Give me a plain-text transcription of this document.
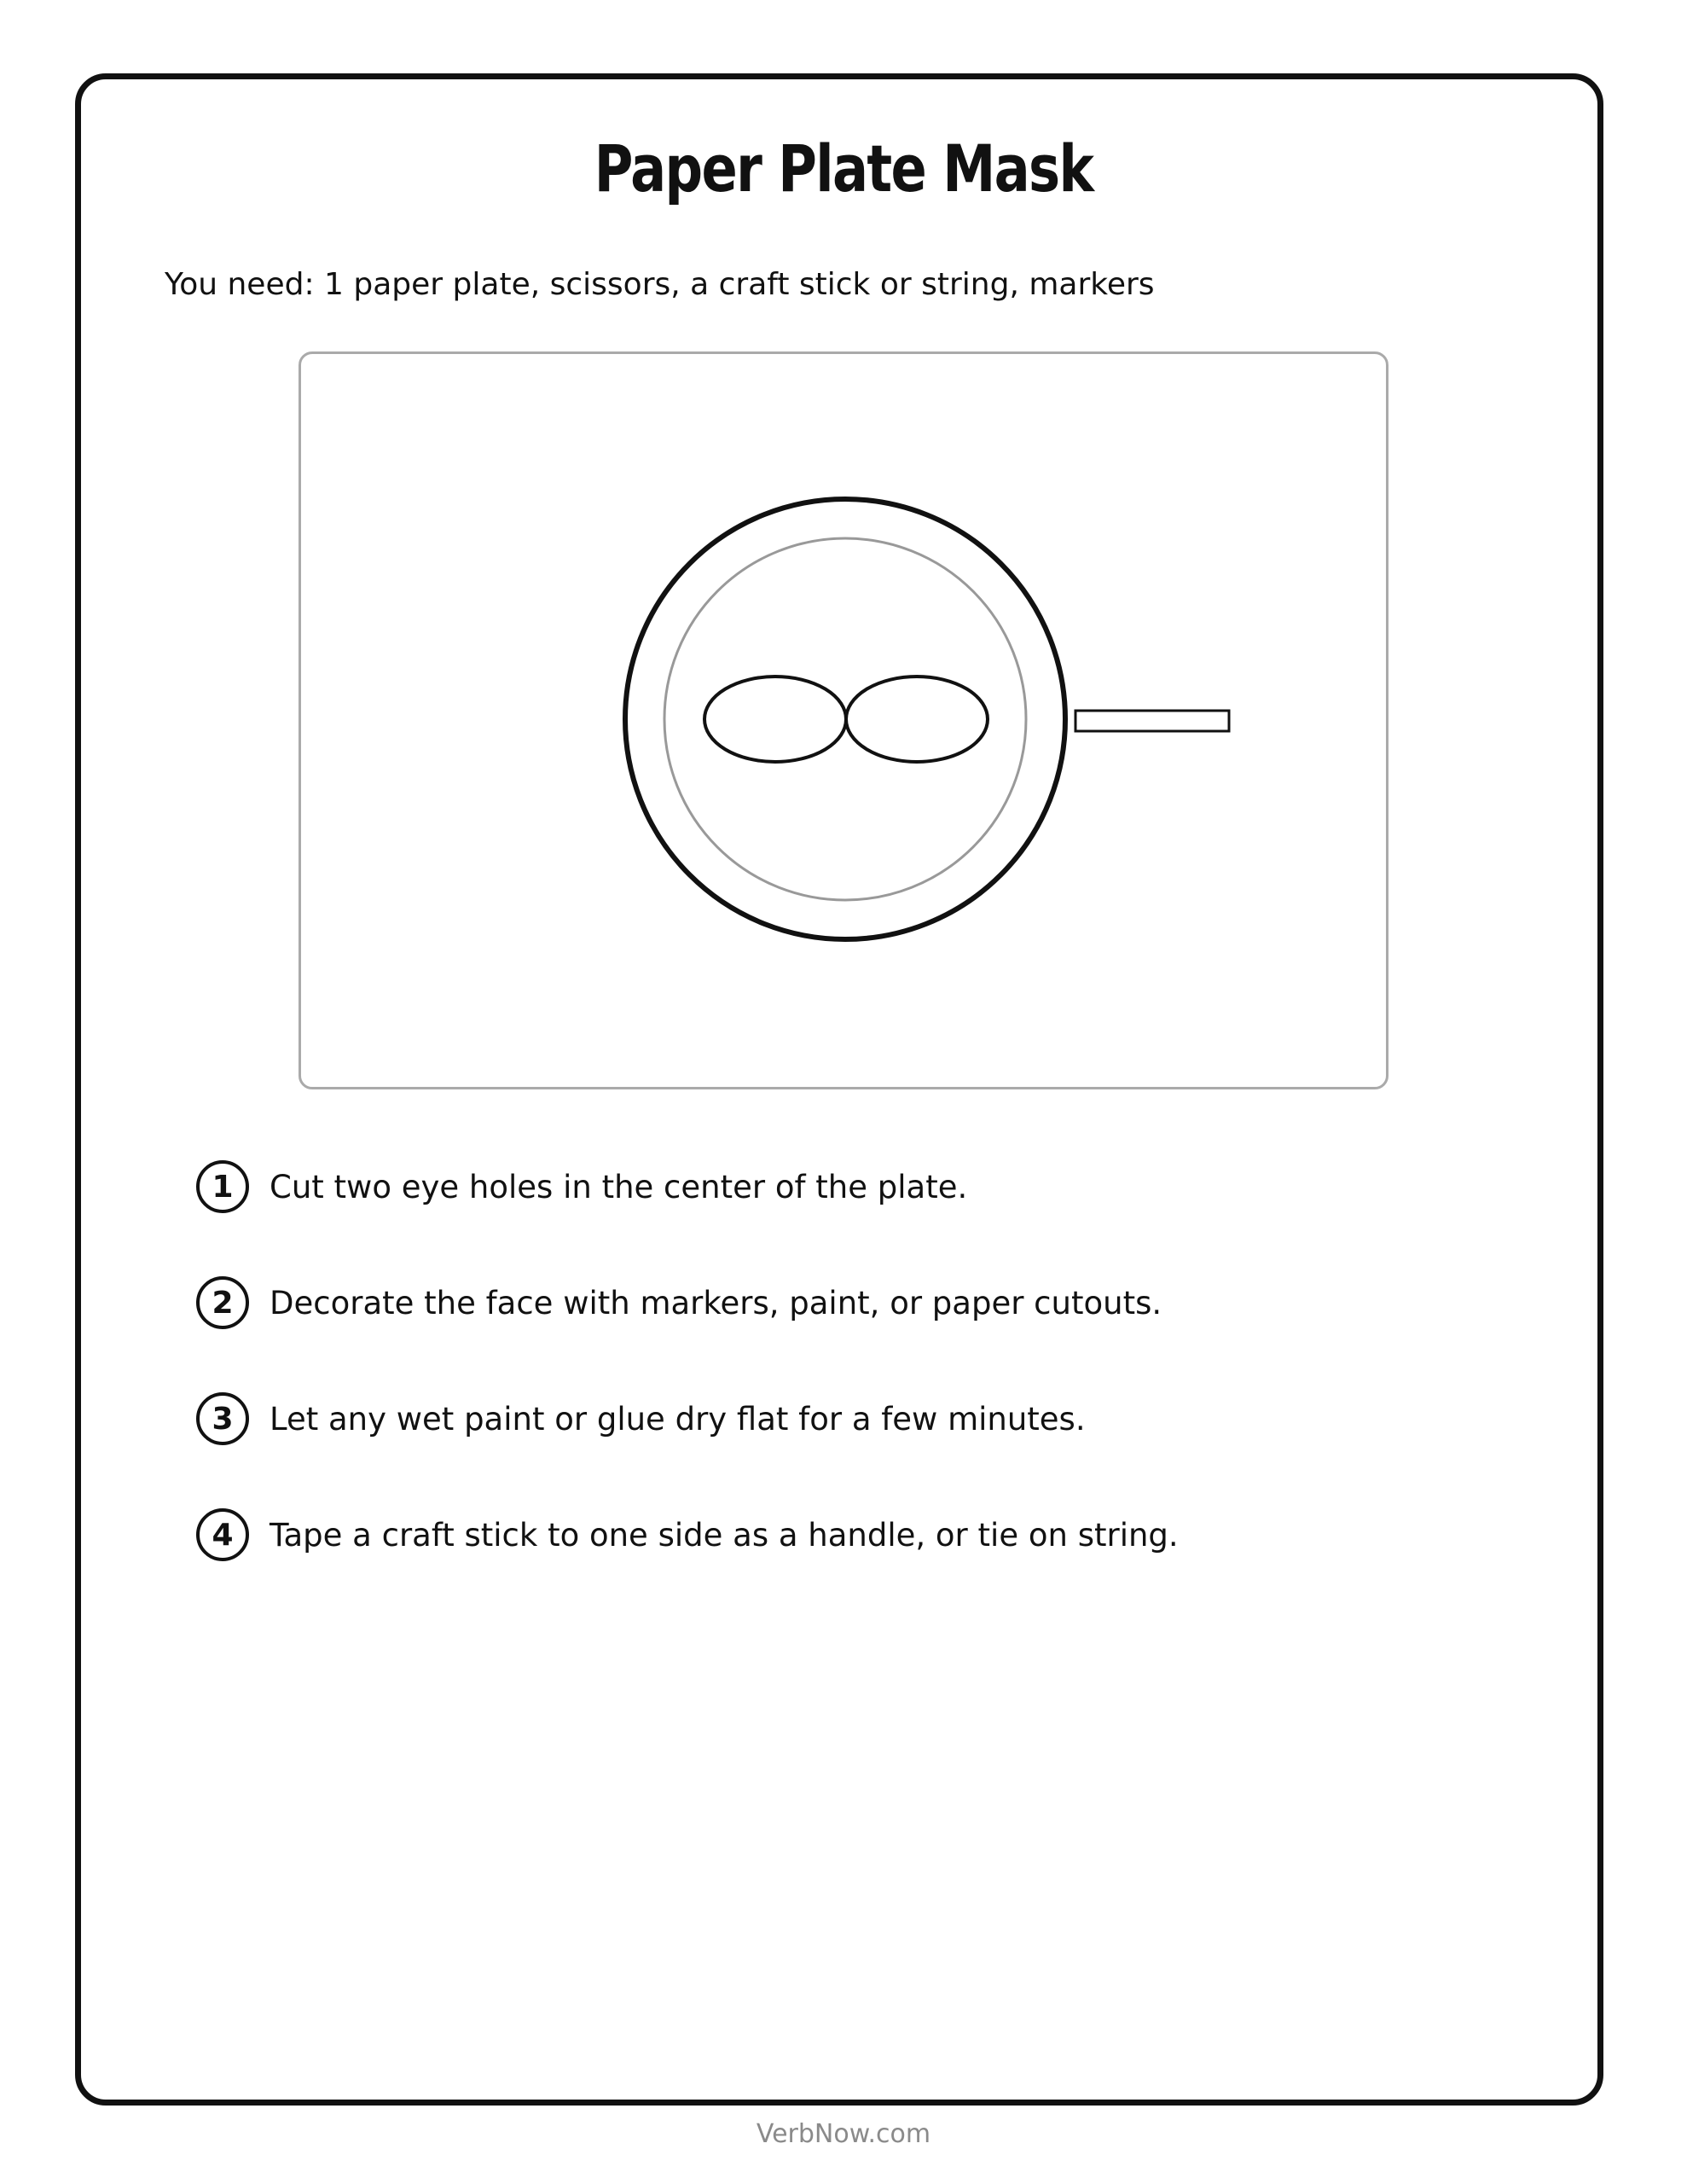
Paper Plate Mask

You need: 1 paper plate, scissors, a craft stick or string, markers

1	Cut two eye holes in the center of the plate.
2	Decorate the face with markers, paint, or paper cutouts.
3	Let any wet paint or glue dry flat for a few minutes.
4	Tape a craft stick to one side as a handle, or tie on string.
VerbNow.com
